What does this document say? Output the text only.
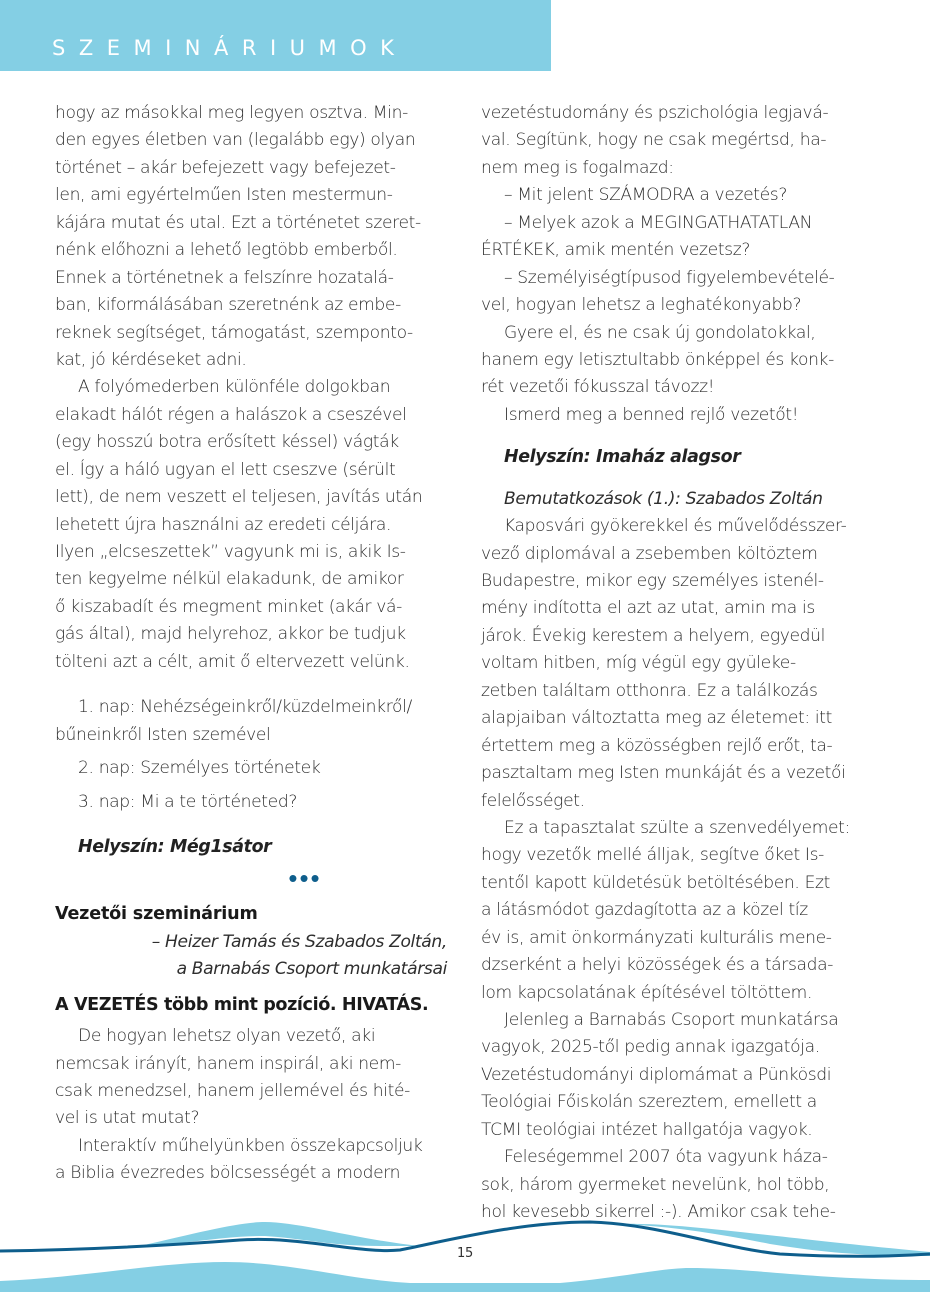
SZEMINÁRIUMOK
hogy az másokkal meg legyen osztva. Min-
den egyes életben van (legalább egy) olyan
történet – akár befejezett vagy befejezet-
len, ami egyértelműen Isten mestermun-
kájára mutat és utal. Ezt a történetet szeret-
nénk előhozni a lehető legtöbb emberből.
Ennek a történetnek a felszínre hozatalá-
ban, kiformálásában szeretnénk az embe-
reknek segítséget, támogatást, szemponto-
kat, jó kérdéseket adni.
A folyómederben különféle dolgokban
elakadt hálót régen a halászok a cseszével
(egy hosszú botra erősített késsel) vágták
el. Így a háló ugyan el lett cseszve (sérült
lett), de nem veszett el teljesen, javítás után
lehetett újra használni az eredeti céljára.
Ilyen „elcseszettek” vagyunk mi is, akik Is-
ten kegyelme nélkül elakadunk, de amikor
ő kiszabadít és megment minket (akár vá-
gás által), majd helyrehoz, akkor be tudjuk
tölteni azt a célt, amit ő eltervezett velünk.
1. nap: Nehézségeinkről/küzdelmeinkről/
bűneinkről Isten szemével
2. nap: Személyes történetek
3. nap: Mi a te történeted?
Helyszín: Még1sátor
•••
Vezetői szeminárium
– Heizer Tamás és Szabados Zoltán,
a Barnabás Csoport munkatársai
A VEZETÉS több mint pozíció. HIVATÁS.
De hogyan lehetsz olyan vezető, aki
nemcsak irányít, hanem inspirál, aki nem-
csak menedzsel, hanem jellemével és hité-
vel is utat mutat?
Interaktív műhelyünkben összekapcsoljuk
a Biblia évezredes bölcsességét a modern
vezetéstudomány és pszichológia legjavá-
val. Segítünk, hogy ne csak megértsd, ha-
nem meg is fogalmazd:
– Mit jelent SZÁMODRA a vezetés?
– Melyek azok a MEGINGATHATATLAN
ÉRTÉKEK, amik mentén vezetsz?
– Személyiségtípusod figyelembevételé-
vel, hogyan lehetsz a leghatékonyabb?
Gyere el, és ne csak új gondolatokkal,
hanem egy letisztultabb önképpel és konk-
rét vezetői fókusszal távozz!
Ismerd meg a benned rejlő vezetőt!
Helyszín: Imaház alagsor
Bemutatkozások (1.): Szabados Zoltán
Kaposvári gyökerekkel és művelődésszer-
vező diplomával a zsebemben költöztem
Budapestre, mikor egy személyes istenél-
mény indította el azt az utat, amin ma is
járok. Évekig kerestem a helyem, egyedül
voltam hitben, míg végül egy gyüleke-
zetben találtam otthonra. Ez a találkozás
alapjaiban változtatta meg az életemet: itt
értettem meg a közösségben rejlő erőt, ta-
pasztaltam meg Isten munkáját és a vezetői
felelősséget.
Ez a tapasztalat szülte a szenvedélyemet:
hogy vezetők mellé álljak, segítve őket Is-
tentől kapott küldetésük betöltésében. Ezt
a látásmódot gazdagította az a közel tíz
év is, amit önkormányzati kulturális mene-
dzserként a helyi közösségek és a társada-
lom kapcsolatának építésével töltöttem.
Jelenleg a Barnabás Csoport munkatársa
vagyok, 2025-től pedig annak igazgatója.
Vezetéstudományi diplomámat a Pünkösdi
Teológiai Főiskolán szereztem, emellett a
TCMI teológiai intézet hallgatója vagyok.
Feleségemmel 2007 óta vagyunk háza-
sok, három gyermeket nevelünk, hol több,
hol kevesebb sikerrel :-). Amikor csak tehe-
15
